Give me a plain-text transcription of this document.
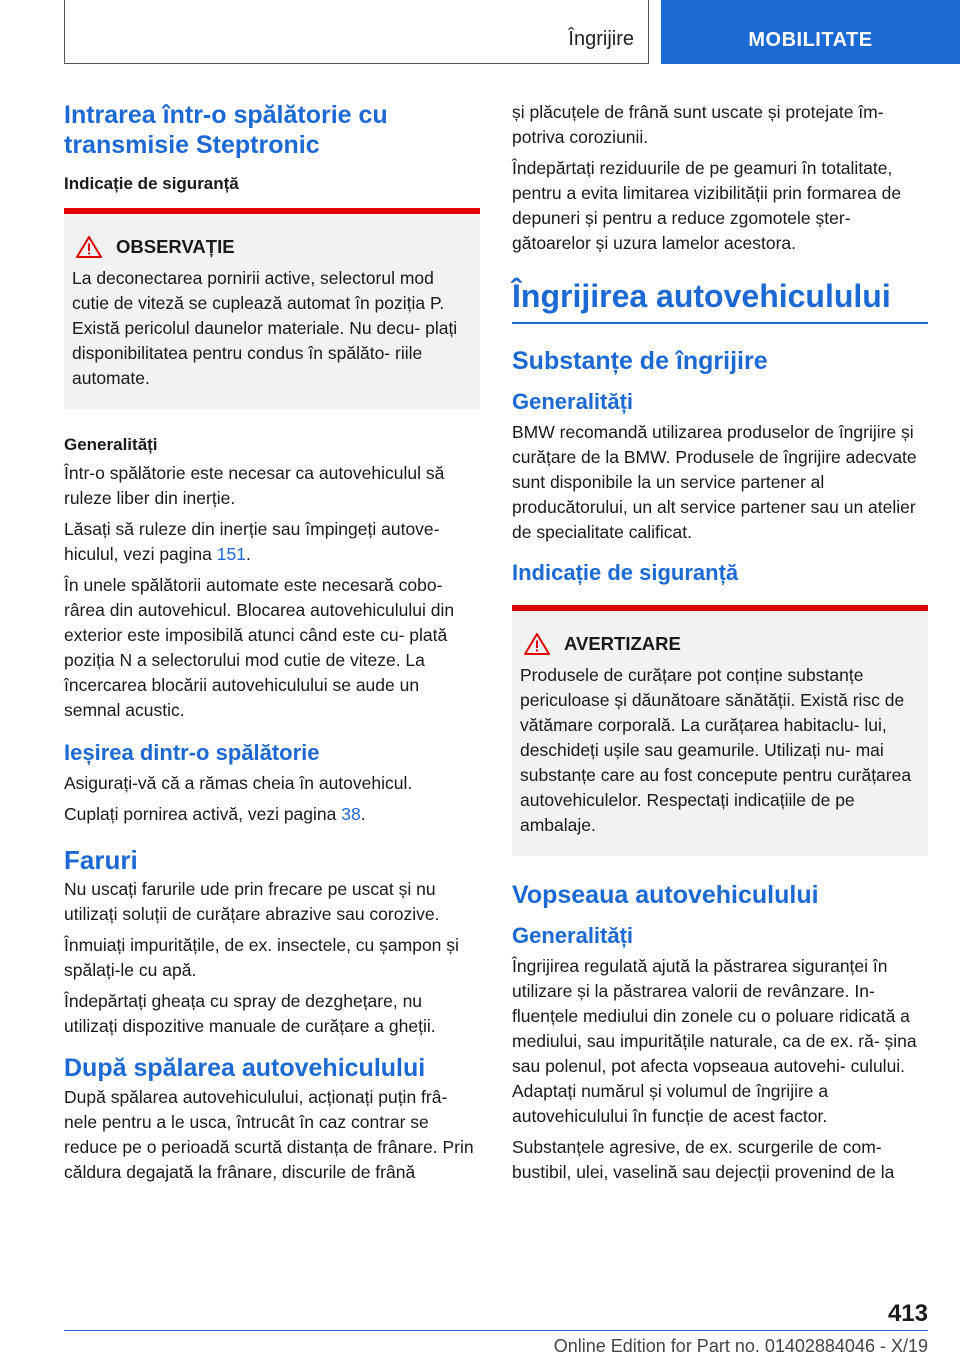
Îngrijire	MOBILITATE
Intrarea într-o spălătorie cu transmisie Steptronic
Indicație de siguranță
OBSERVAȚIE

La deconectarea pornirii active, selectorul mod cutie de viteză se cuplează automat în poziția P. Există pericolul daunelor materiale. Nu decu- plați disponibilitatea pentru condus în spălăto- riile automate.

Generalități

Într-o spălătorie este necesar ca autovehiculul să ruleze liber din inerție.

Lăsați să ruleze din inerție sau împingeți autove- hiculul, vezi pagina 151.

În unele spălătorii automate este necesară cobo- rârea din autovehicul. Blocarea autovehiculului din exterior este imposibilă atunci când este cu- plată poziția N a selectorului mod cutie de viteze. La încercarea blocării autovehiculului se aude un semnal acustic.

Ieșirea dintr-o spălătorie

Asigurați-vă că a rămas cheia în autovehicul.

Cuplați pornirea activă, vezi pagina 38.

Faruri

Nu uscați farurile ude prin frecare pe uscat și nu utilizați soluții de curățare abrazive sau corozive.

Înmuiați impuritățile, de ex. insectele, cu șampon și spălați-le cu apă.

Îndepărtați gheața cu spray de dezghețare, nu utilizați dispozitive manuale de curățare a gheții.

După spălarea autovehiculului

După spălarea autovehiculului, acționați puțin frâ- nele pentru a le usca, întrucât în caz contrar se reduce pe o perioadă scurtă distanța de frânare. Prin căldura degajată la frânare, discurile de frână

și plăcuțele de frână sunt uscate și protejate îm- potriva coroziunii.

Îndepărtați reziduurile de pe geamuri în totalitate, pentru a evita limitarea vizibilității prin formarea de depuneri și pentru a reduce zgomotele șter- gătoarelor și uzura lamelor acestora.

Îngrijirea autovehiculului
Substanțe de îngrijire
Generalități

BMW recomandă utilizarea produselor de îngrijire și curățare de la BMW. Produsele de îngrijire adecvate sunt disponibile la un service partener al producătorului, un alt service partener sau un atelier de specialitate calificat.

Indicație de siguranță
AVERTIZARE

Produsele de curățare pot conține substanțe periculoase și dăunătoare sănătății. Există risc de vătămare corporală. La curățarea habitaclu- lui, deschideți ușile sau geamurile. Utilizați nu- mai substanțe care au fost concepute pentru curățarea autovehiculelor. Respectați indicațiile de pe ambalaje.

Vopseaua autovehiculului
Generalități

Îngrijirea regulată ajută la păstrarea siguranței în utilizare și la păstrarea valorii de revânzare. In- fluențele mediului din zonele cu o poluare ridicată a mediului, sau impuritățile naturale, ca de ex. ră- șina sau polenul, pot afecta vopseaua autovehi- culului. Adaptați numărul și volumul de îngrijire a autovehiculului în funcție de acest factor.

Substanțele agresive, de ex. scurgerile de com- bustibil, ulei, vaselină sau dejecții provenind de la

413
Online Edition for Part no. 01402884046 - X/19
